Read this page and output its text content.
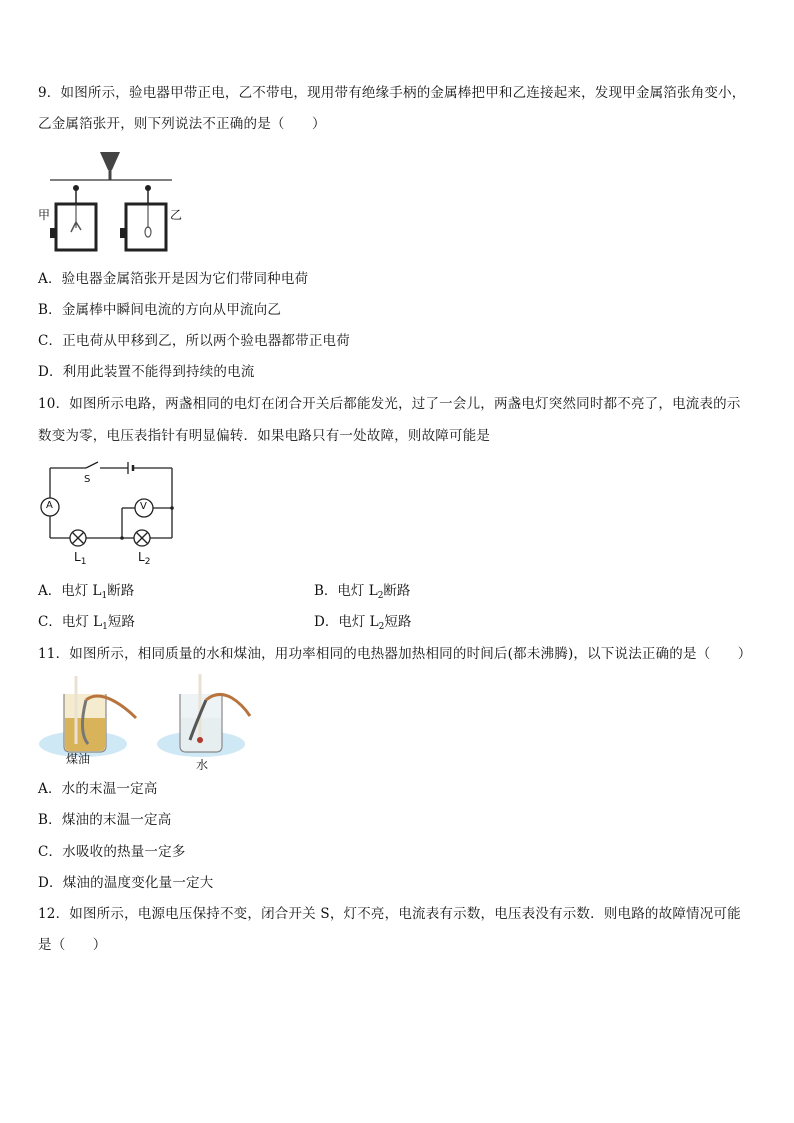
9．如图所示，验电器甲带正电，乙不带电，现用带有绝缘手柄的金属棒把甲和乙连接起来，发现甲金属箔张角变小，
乙金属箔张开，则下列说法不正确的是（　　）
甲	乙
A．验电器金属箔张开是因为它们带同种电荷
B．金属棒中瞬间电流的方向从甲流向乙
C．正电荷从甲移到乙，所以两个验电器都带正电荷
D．利用此装置不能得到持续的电流
10．如图所示电路，两盏相同的电灯在闭合开关后都能发光，过了一会儿，两盏电灯突然同时都不亮了，电流表的示
数变为零，电压表指针有明显偏转．如果电路只有一处故障，则故障可能是
S
A	V
$L_1$	$L_2$
A．电灯 $L_1$断路	B．电灯 $L_2$断路
C．电灯 $L_1$短路	D．电灯 $L_2$短路
11．如图所示，相同质量的水和煤油，用功率相同的电热器加热相同的时间后(都未沸腾)，以下说法正确的是（　　）
煤油	水
A．水的末温一定高
B．煤油的末温一定高
C．水吸收的热量一定多
D．煤油的温度变化量一定大
12．如图所示，电源电压保持不变，闭合开关 S，灯不亮，电流表有示数，电压表没有示数．则电路的故障情况可能
是（　　）
